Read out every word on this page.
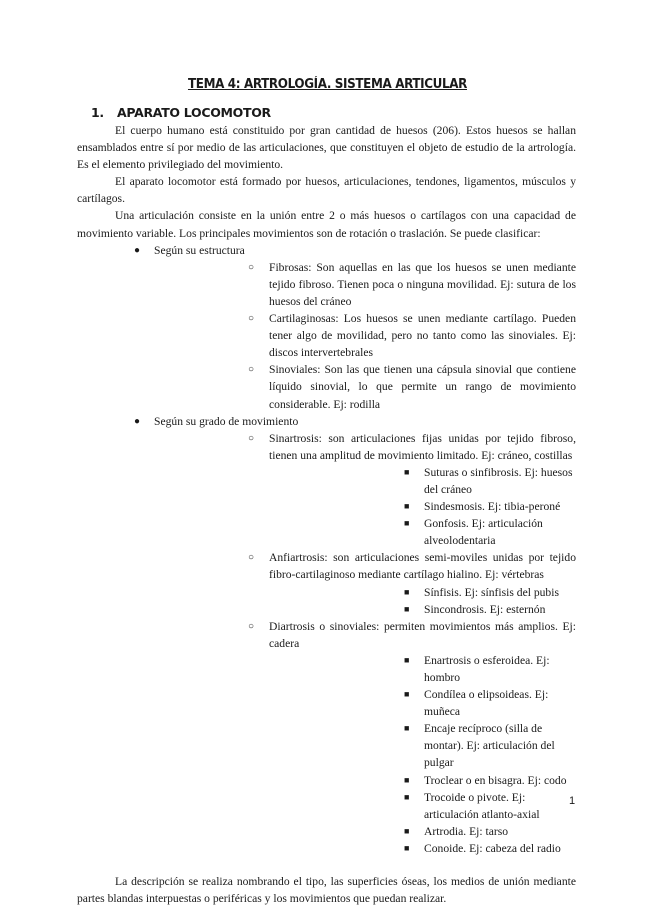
TEMA 4: ARTROLOGÍA. SISTEMA ARTICULAR
1. APARATO LOCOMOTOR

El cuerpo humano está constituido por gran cantidad de huesos (206). Estos huesos se hallan ensamblados entre sí por medio de las articulaciones, que constituyen el objeto de estudio de la artrología. Es el elemento privilegiado del movimiento.

El aparato locomotor está formado por huesos, articulaciones, tendones, ligamentos, músculos y cartílagos.

Una articulación consiste en la unión entre 2 o más huesos o cartílagos con una capacidad de movimiento variable. Los principales movimientos son de rotación o traslación. Se puede clasificar:

● Según su estructura
○ Fibrosas: Son aquellas en las que los huesos se unen mediante tejido fibroso. Tienen poca o ninguna movilidad. Ej: sutura de los huesos del cráneo

○ Cartilaginosas: Los huesos se unen mediante cartílago. Pueden tener algo de movilidad, pero no tanto como las sinoviales. Ej: discos intervertebrales

○ Sinoviales: Son las que tienen una cápsula sinovial que contiene líquido sinovial, lo que permite un rango de movimiento considerable. Ej: rodilla

● Según su grado de movimiento
○ Sinartrosis: son articulaciones fijas unidas por tejido fibroso, tienen una amplitud de movimiento limitado. Ej: cráneo, costillas

■ Suturas o sinfibrosis. Ej: huesos del cráneo
■ Sindesmosis. Ej: tibia-peroné
■ Gonfosis. Ej: articulación alveolodentaria
○ Anfiartrosis: son articulaciones semi-moviles unidas por tejido fibro-cartilaginoso mediante cartílago hialino. Ej: vértebras

■ Sínfisis. Ej: sínfisis del pubis
■ Sincondrosis. Ej: esternón
○ Diartrosis o sinoviales: permiten movimientos más amplios. Ej: cadera

■ Enartrosis o esferoidea. Ej: hombro
■ Condílea o elipsoideas. Ej: muñeca
■ Encaje recíproco (silla de montar). Ej: articulación del pulgar
■ Troclear o en bisagra. Ej: codo
■ Trocoide o pivote. Ej: articulación atlanto-axial
■ Artrodia. Ej: tarso
■ Conoide. Ej: cabeza del radio

La descripción se realiza nombrando el tipo, las superficies óseas, los medios de unión mediante partes blandas interpuestas o periféricas y los movimientos que puedan realizar.

1
